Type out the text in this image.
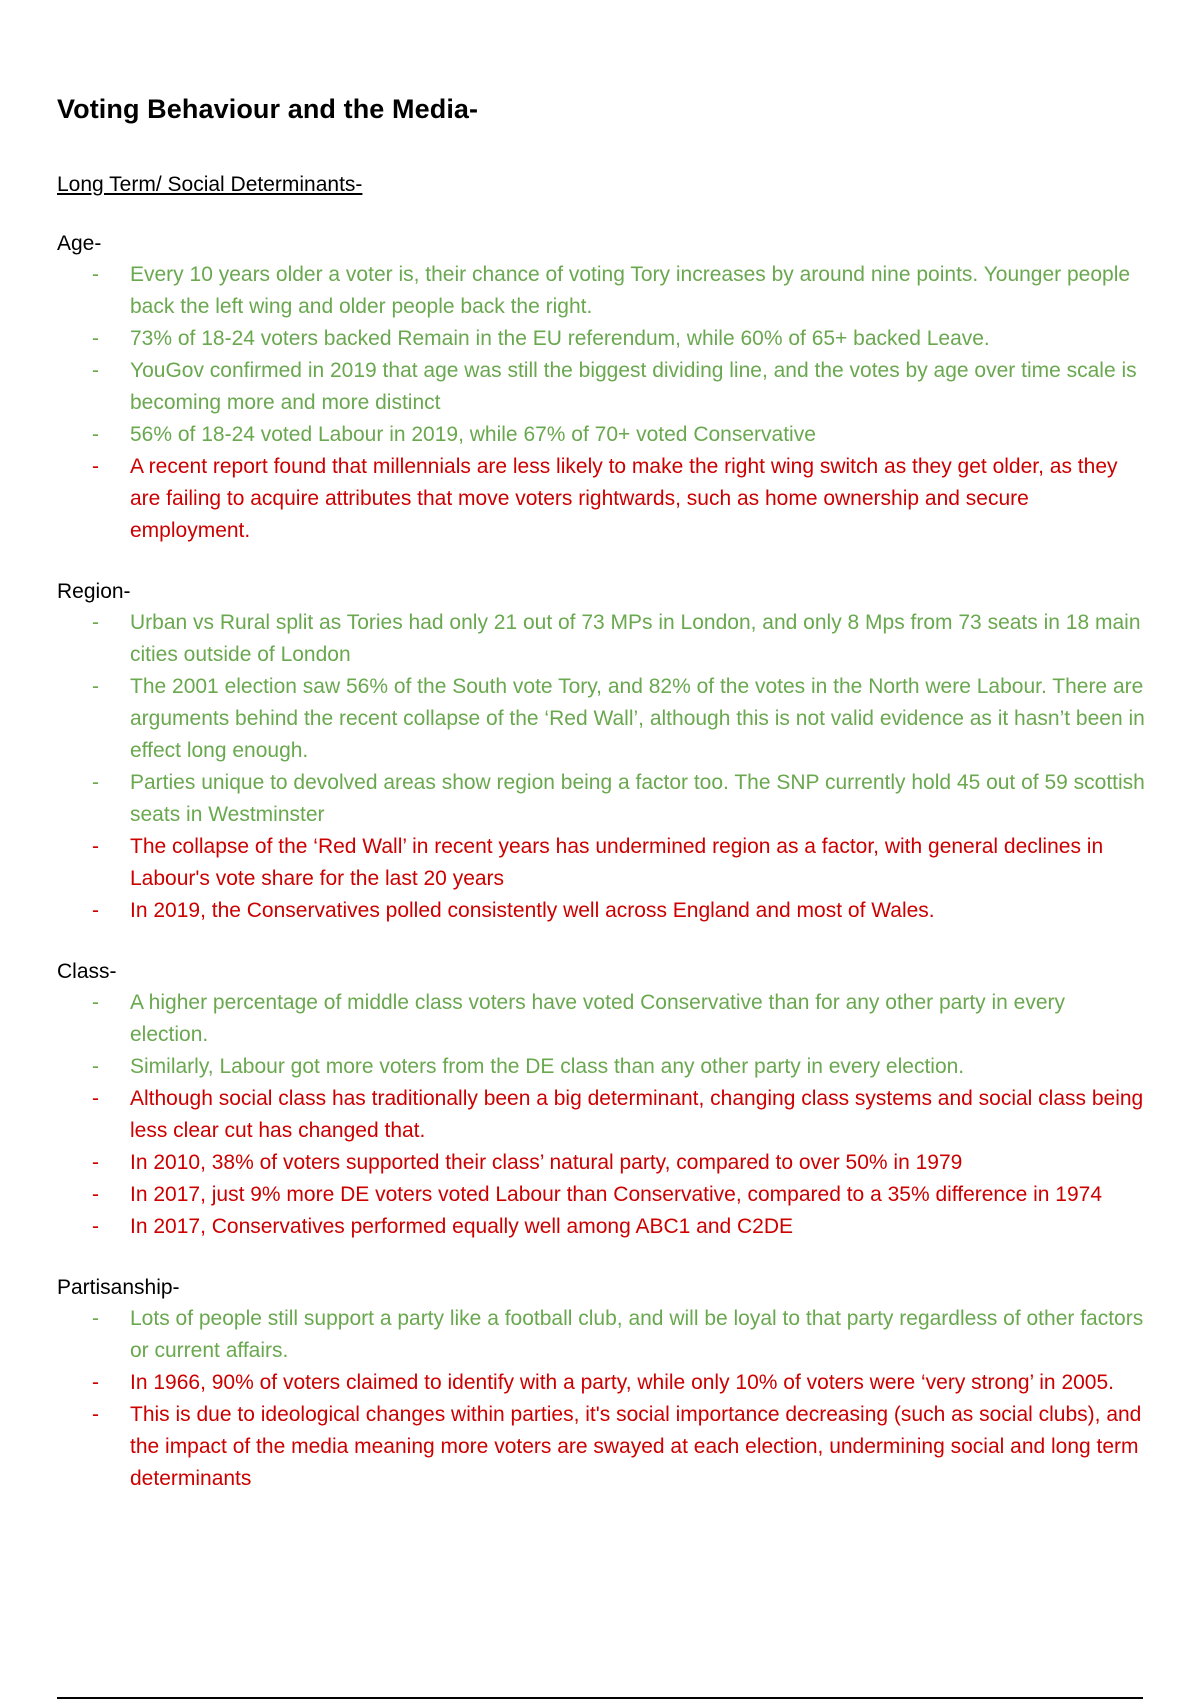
Voting Behaviour and the Media-
Long Term/ Social Determinants-
Age-
- Every 10 years older a voter is, their chance of voting Tory increases by around nine points. Younger people back the left wing and older people back the right.
- 73% of 18-24 voters backed Remain in the EU referendum, while 60% of 65+ backed Leave.
- YouGov confirmed in 2019 that age was still the biggest dividing line, and the votes by age over time scale is becoming more and more distinct
- 56% of 18-24 voted Labour in 2019, while 67% of 70+ voted Conservative
- A recent report found that millennials are less likely to make the right wing switch as they get older, as they are failing to acquire attributes that move voters rightwards, such as home ownership and secure employment.
Region-
- Urban vs Rural split as Tories had only 21 out of 73 MPs in London, and only 8 Mps from 73 seats in 18 main cities outside of London
- The 2001 election saw 56% of the South vote Tory, and 82% of the votes in the North were Labour. There are arguments behind the recent collapse of the ‘Red Wall’, although this is not valid evidence as it hasn’t been in effect long enough.
- Parties unique to devolved areas show region being a factor too. The SNP currently hold 45 out of 59 scottish seats in Westminster
- The collapse of the ‘Red Wall’ in recent years has undermined region as a factor, with general declines in Labour's vote share for the last 20 years
- In 2019, the Conservatives polled consistently well across England and most of Wales.
Class-
- A higher percentage of middle class voters have voted Conservative than for any other party in every election.
- Similarly, Labour got more voters from the DE class than any other party in every election.
- Although social class has traditionally been a big determinant, changing class systems and social class being less clear cut has changed that.
- In 2010, 38% of voters supported their class’ natural party, compared to over 50% in 1979
- In 2017, just 9% more DE voters voted Labour than Conservative, compared to a 35% difference in 1974
- In 2017, Conservatives performed equally well among ABC1 and C2DE
Partisanship-
- Lots of people still support a party like a football club, and will be loyal to that party regardless of other factors or current affairs.
- In 1966, 90% of voters claimed to identify with a party, while only 10% of voters were ‘very strong’ in 2005.
- This is due to ideological changes within parties, it's social importance decreasing (such as social clubs), and the impact of the media meaning more voters are swayed at each election, undermining social and long term determinants
